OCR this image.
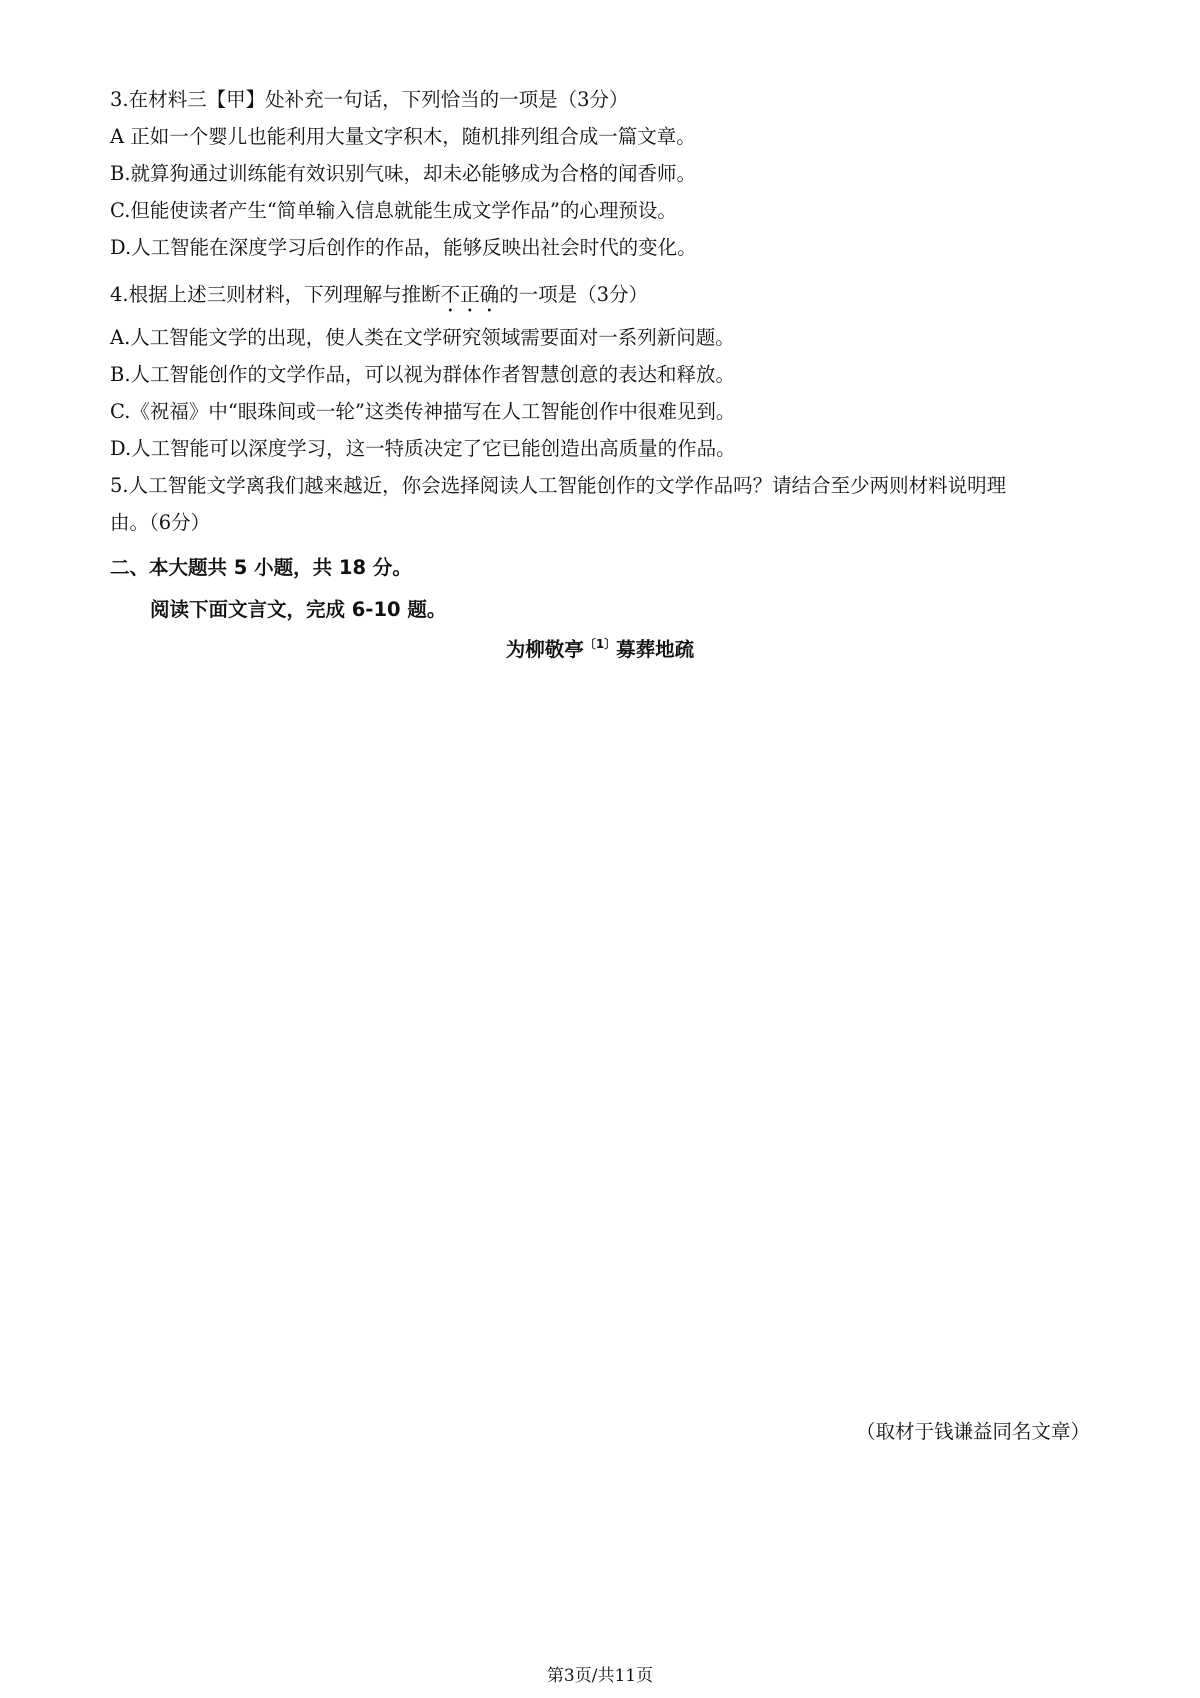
3.在材料三【甲】处补充一句话，下列恰当的一项是（3分）
A 正如一个婴儿也能利用大量文字积木，随机排列组合成一篇文章。
B.就算狗通过训练能有效识别气味，却未必能够成为合格的闻香师。
C.但能使读者产生“简单输入信息就能生成文学作品”的心理预设。
D.人工智能在深度学习后创作的作品，能够反映出社会时代的变化。
4.根据上述三则材料，下列理解与推断不正确的一项是（3分）
A.人工智能文学的出现，使人类在文学研究领域需要面对一系列新问题。
B.人工智能创作的文学作品，可以视为群体作者智慧创意的表达和释放。
C.《祝福》中“眼珠间或一轮”这类传神描写在人工智能创作中很难见到。
D.人工智能可以深度学习，这一特质决定了它已能创造出高质量的作品。
5.人工智能文学离我们越来越近，你会选择阅读人工智能创作的文学作品吗？请结合至少两则材料说明理
由。（6分）
二、本大题共 5 小题，共 18 分。
阅读下面文言文，完成 6-10 题。
为柳敬亭$^{〔1〕}$募葬地疏
（取材于钱谦益同名文章）
第3页/共11页
